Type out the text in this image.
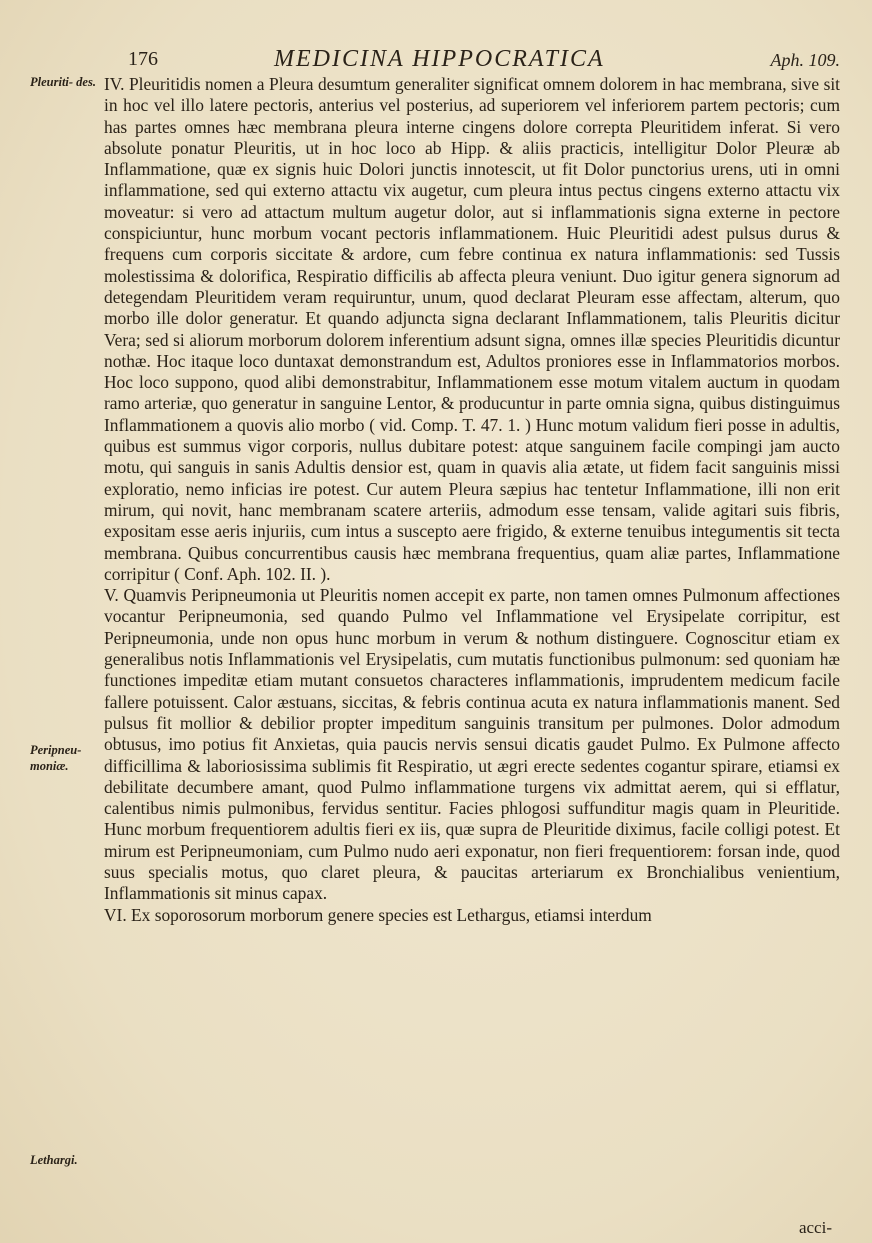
176	MEDICINA HIPPOCRATICA	Aph. 109.
Pleuriti- des.
Peripneu- moniæ.
Lethargi.

IV. Pleuritidis nomen a Pleura desumtum generaliter significat omnem dolorem in hac membrana, sive sit in hoc vel illo latere pectoris, anterius vel posterius, ad superiorem vel inferiorem partem pectoris; cum has partes omnes hæc membrana pleura interne cingens dolore correpta Pleuritidem inferat. Si vero absolute ponatur Pleuritis, ut in hoc loco ab Hipp. & aliis practicis, intelligitur Dolor Pleuræ ab Inflammatione, quæ ex signis huic Dolori junctis innotescit, ut fit Dolor punctorius urens, uti in omni inflammatione, sed qui externo attactu vix augetur, cum pleura intus pectus cingens externo attactu vix moveatur: si vero ad attactum multum augetur dolor, aut si inflammationis signa externe in pectore conspiciuntur, hunc morbum vocant pectoris inflammationem. Huic Pleuritidi adest pulsus durus & frequens cum corporis siccitate & ardore, cum febre continua ex natura inflammationis: sed Tussis molestissima & dolorifica, Respiratio difficilis ab affecta pleura veniunt. Duo igitur genera signorum ad detegendam Pleuritidem veram requiruntur, unum, quod declarat Pleuram esse affectam, alterum, quo morbo ille dolor generatur. Et quando adjuncta signa declarant Inflammationem, talis Pleuritis dicitur Vera; sed si aliorum morborum dolorem inferentium adsunt signa, omnes illæ species Pleuritidis dicuntur nothæ. Hoc itaque loco duntaxat demonstrandum est, Adultos proniores esse in Inflammatorios morbos. Hoc loco suppono, quod alibi demonstrabitur, Inflammationem esse motum vitalem auctum in quodam ramo arteriæ, quo generatur in sanguine Lentor, & producuntur in parte omnia signa, quibus distinguimus Inflammationem a quovis alio morbo ( vid. Comp. T. 47. 1. ) Hunc motum validum fieri posse in adultis, quibus est summus vigor corporis, nullus dubitare potest: atque sanguinem facile compingi jam aucto motu, qui sanguis in sanis Adultis densior est, quam in quavis alia ætate, ut fidem facit sanguinis missi exploratio, nemo inficias ire potest. Cur autem Pleura sæpius hac tentetur Inflammatione, illi non erit mirum, qui novit, hanc membranam scatere arteriis, admodum esse tensam, valide agitari suis fibris, expositam esse aeris injuriis, cum intus a suscepto aere frigido, & externe tenuibus integumentis sit tecta membrana. Quibus concurrentibus causis hæc membrana frequentius, quam aliæ partes, Inflammatione corripitur ( Conf. Aph. 102. II. ).

V. Quamvis Peripneumonia ut Pleuritis nomen accepit ex parte, non tamen omnes Pulmonum affectiones vocantur Peripneumonia, sed quando Pulmo vel Inflammatione vel Erysipelate corripitur, est Peripneumonia, unde non opus hunc morbum in verum & nothum distinguere. Cognoscitur etiam ex generalibus notis Inflammationis vel Erysipelatis, cum mutatis functionibus pulmonum: sed quoniam hæ functiones impeditæ etiam mutant consuetos characteres inflammationis, imprudentem medicum facile fallere potuissent. Calor æstuans, siccitas, & febris continua acuta ex natura inflammationis manent. Sed pulsus fit mollior & debilior propter impeditum sanguinis transitum per pulmones. Dolor admodum obtusus, imo potius fit Anxietas, quia paucis nervis sensui dicatis gaudet Pulmo. Ex Pulmone affecto difficillima & laboriosissima sublimis fit Respiratio, ut ægri erecte sedentes cogantur spirare, etiamsi ex debilitate decumbere amant, quod Pulmo inflammatione turgens vix admittat aerem, qui si efflatur, calentibus nimis pulmonibus, fervidus sentitur. Facies phlogosi suffunditur magis quam in Pleuritide. Hunc morbum frequentiorem adultis fieri ex iis, quæ supra de Pleuritide diximus, facile colligi potest. Et mirum est Peripneumoniam, cum Pulmo nudo aeri exponatur, non fieri frequentiorem: forsan inde, quod suus specialis motus, quo claret pleura, & paucitas arteriarum ex Bronchialibus venientium, Inflammationis sit minus capax.

VI. Ex soporosorum morborum genere species est Lethargus, etiamsi interdum

acci-
